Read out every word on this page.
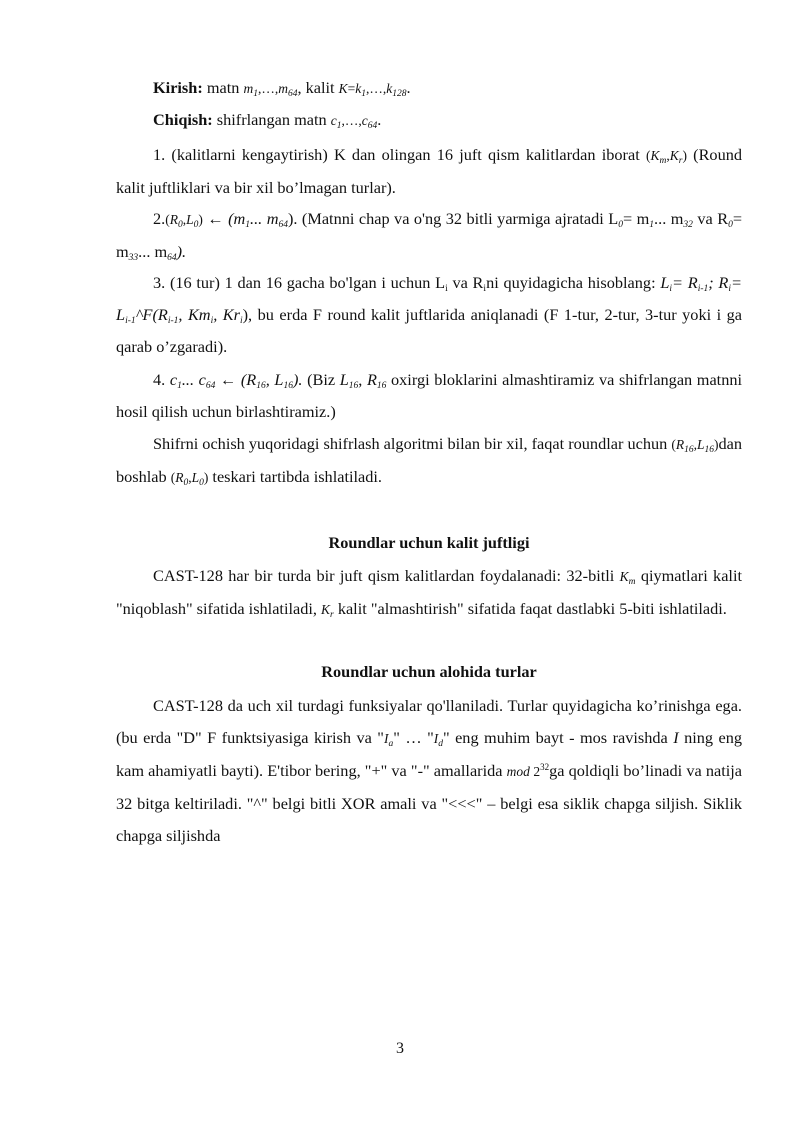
Kirish: matn $m_1,\dots,m_{64}$, kalit $K=k_1,\dots,k_{128}$.
Chiqish: shifrlangan matn $c_1,\dots,c_{64}$.
1. (kalitlarni kengaytirish) K dan olingan 16 juft qism kalitlardan iborat $(K_m,K_r)$ (Round kalit juftliklari va bir xil bo’lmagan turlar).
$2.(R_0,L_0)$ ← ($m_1$... $m_{64}$). (Matnni chap va o'ng 32 bitli yarmiga ajratadi $L_0= m_1$... $m_{32}$ va $R_0= m_{33}$... $m_{64}$).
3. (16 tur) 1 dan 16 gacha bo'lgan i uchun $L_i$ va $R_ini$ quyidagicha hisoblang: $L_i= R_{i-1}$; $R_i=$ $L_{i-1}\^{}F(R_{i-1}$, $Km_i$, $Kr_i$), bu erda F round kalit juftlarida aniqlanadi (F 1-tur, 2-tur, 3-tur yoki i ga qarab o’zgaradi).
4. $c_1$... $c_{64}$ ← ($R_{16}$, $L_{16}$). (Biz $L_{16}$, $R_{16}$ oxirgi bloklarini almashtiramiz va shifrlangan matnni hosil qilish uchun birlashtiramiz.)
Shifrni ochish yuqoridagi shifrlash algoritmi bilan bir xil, faqat roundlar uchun $(R_{16},L_{16})dan$ boshlab $(R_0,L_0)$ teskari tartibda ishlatiladi.
Roundlar uchun kalit juftligi
CAST-128 har bir turda bir juft qism kalitlardan foydalanadi: 32-bitli $K_m$ qiymatlari kalit "niqoblash" sifatida ishlatiladi, $K_r$ kalit "almashtirish" sifatida faqat dastlabki 5-biti ishlatiladi.
Roundlar uchun alohida turlar
CAST-128 da uch xil turdagi funksiyalar qo'llaniladi. Turlar quyidagicha ko’rinishga ega. (bu erda "D" F funktsiyasiga kirish va "$I_a$" … "$I_d$" eng muhim bayt - mos ravishda I ning eng kam ahamiyatli bayti). E'tibor bering, "+" va "-" amallarida mod $2^{32}ga$ qoldiqli bo’linadi va natija 32 bitga keltiriladi. "^" belgi bitli XOR amali va "<<<" – belgi esa siklik chapga siljish. Siklik chapga siljishda
3
